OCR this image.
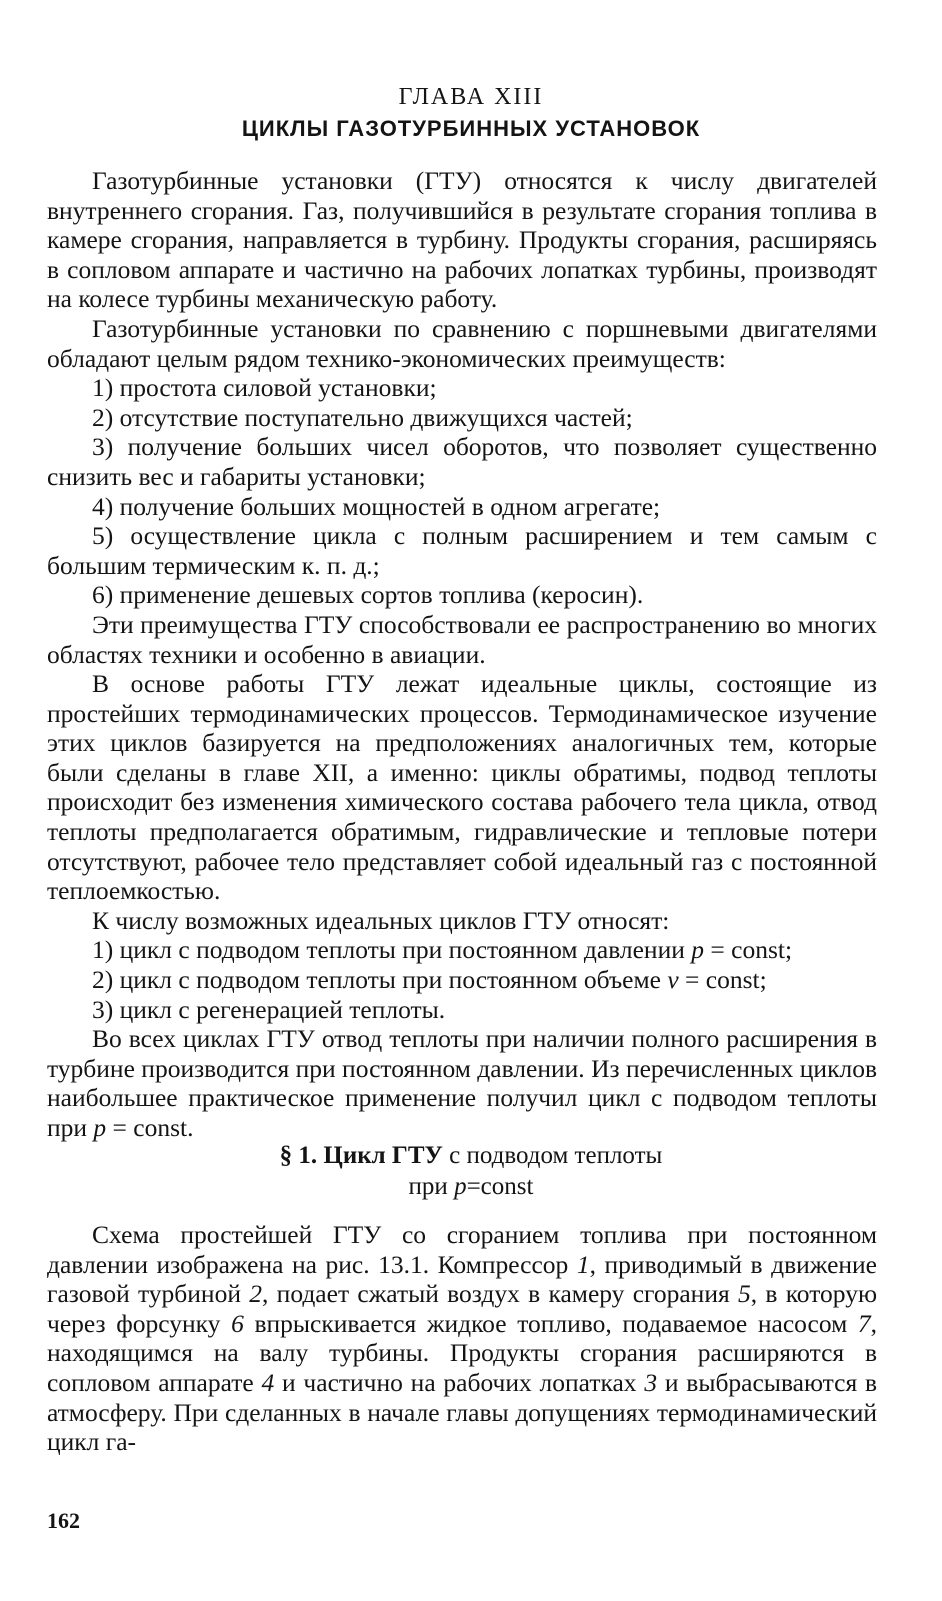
ГЛАВА XIII
ЦИКЛЫ ГАЗОТУРБИННЫХ УСТАНОВОК

Газотурбинные установки (ГТУ) относятся к числу двигателей внутреннего сгорания. Газ, получившийся в результате сгорания топлива в камере сгорания, направляется в турбину. Продукты сгорания, расширяясь в сопловом аппарате и частично на рабочих лопатках турбины, производят на колесе турбины механическую работу.

Газотурбинные установки по сравнению с поршневыми двигателями обладают целым рядом технико-экономических преимуществ:

1) простота силовой установки;

2) отсутствие поступательно движущихся частей;

3) получение больших чисел оборотов, что позволяет существенно снизить вес и габариты установки;

4) получение больших мощностей в одном агрегате;

5) осуществление цикла с полным расширением и тем самым с большим термическим к. п. д.;

6) применение дешевых сортов топлива (керосин).

Эти преимущества ГТУ способствовали ее распространению во многих областях техники и особенно в авиации.

В основе работы ГТУ лежат идеальные циклы, состоящие из простейших термодинамических процессов. Термодинамическое изучение этих циклов базируется на предположениях аналогичных тем, которые были сделаны в главе XII, а именно: циклы обратимы, подвод теплоты происходит без изменения химического состава рабочего тела цикла, отвод теплоты предполагается обратимым, гидравлические и тепловые потери отсутствуют, рабочее тело представляет собой идеальный газ с постоянной теплоемкостью.

К числу возможных идеальных циклов ГТУ относят:

1) цикл с подводом теплоты при постоянном давлении p = const;

2) цикл с подводом теплоты при постоянном объеме v = const;

3) цикл с регенерацией теплоты.

Во всех циклах ГТУ отвод теплоты при наличии полного расширения в турбине производится при постоянном давлении. Из перечисленных циклов наибольшее практическое применение получил цикл с подводом теплоты при p = const.

§ 1. Цикл ГТУ с подводом теплоты
при p=const

Схема простейшей ГТУ со сгоранием топлива при постоянном давлении изображена на рис. 13.1. Компрессор 1, приводимый в движение газовой турбиной 2, подает сжатый воздух в камеру сгорания 5, в которую через форсунку 6 впрыскивается жидкое топливо, подаваемое насосом 7, находящимся на валу турбины. Продукты сгорания расширяются в сопловом аппарате 4 и частично на рабочих лопатках 3 и выбрасываются в атмосферу. При сделанных в начале главы допущениях термодинамический цикл га-

162
